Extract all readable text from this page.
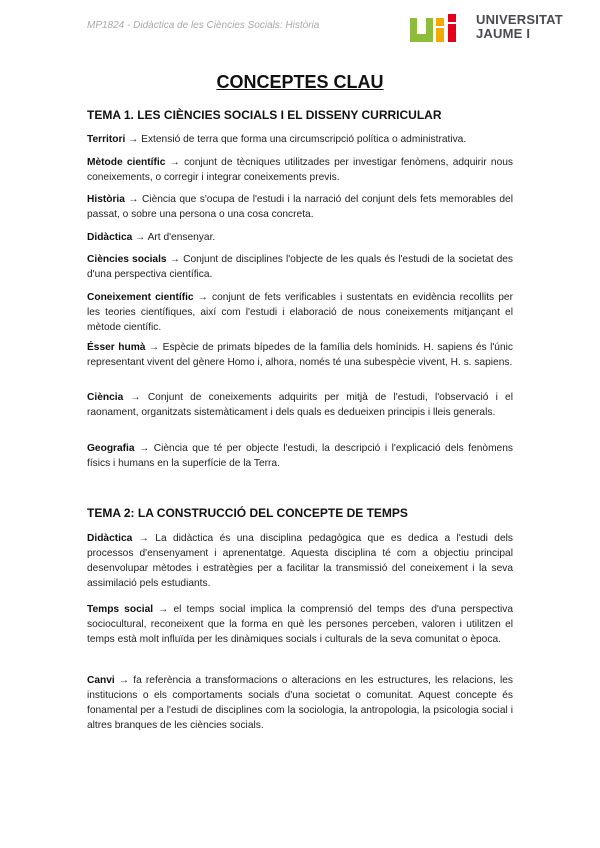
MP1824 - Didàctica de les Ciències Socials: Història	UNIVERSITAT
JAUME I
CONCEPTES CLAU
TEMA 1. LES CIÈNCIES SOCIALS I EL DISSENY CURRICULAR
Territori → Extensió de terra que forma una circumscripció política o administrativa.
Mètode científic → conjunt de tècniques utilitzades per investigar fenòmens, adquirir nous coneixements, o corregir i integrar coneixements previs.
Història → Ciència que s'ocupa de l'estudi i la narració del conjunt dels fets memorables del passat, o sobre una persona o una cosa concreta.
Didàctica → Art d'ensenyar.
Ciències socials → Conjunt de disciplines l'objecte de les quals és l'estudi de la societat des d'una perspectiva científica.
Coneixement científic → conjunt de fets verificables i sustentats en evidència recollits per les teories científiques, així com l'estudi i elaboració de nous coneixements mitjançant el mètode científic.
Ésser humà → Espècie de primats bípedes de la família dels homínids. H. sapiens és l'únic representant vivent del gènere Homo i, alhora, només té una subespècie vivent, H. s. sapiens.
Ciència → Conjunt de coneixements adquirits per mitjà de l'estudi, l'observació i el raonament, organitzats sistemàticament i dels quals es dedueixen principis i lleis generals.
Geografia → Ciència que té per objecte l'estudi, la descripció i l'explicació dels fenòmens físics i humans en la superfície de la Terra.
TEMA 2: LA CONSTRUCCIÓ DEL CONCEPTE DE TEMPS
Didàctica → La didàctica és una disciplina pedagògica que es dedica a l'estudi dels processos d'ensenyament i aprenentatge. Aquesta disciplina té com a objectiu principal desenvolupar mètodes i estratègies per a facilitar la transmissió del coneixement i la seva assimilació pels estudiants.
Temps social → el temps social implica la comprensió del temps des d'una perspectiva sociocultural, reconeixent que la forma en què les persones perceben, valoren i utilitzen el temps està molt influïda per les dinàmiques socials i culturals de la seva comunitat o època.
Canvi → fa referència a transformacions o alteracions en les estructures, les relacions, les institucions o els comportaments socials d'una societat o comunitat. Aquest concepte és fonamental per a l'estudi de disciplines com la sociologia, la antropologia, la psicologia social i altres branques de les ciències socials.
